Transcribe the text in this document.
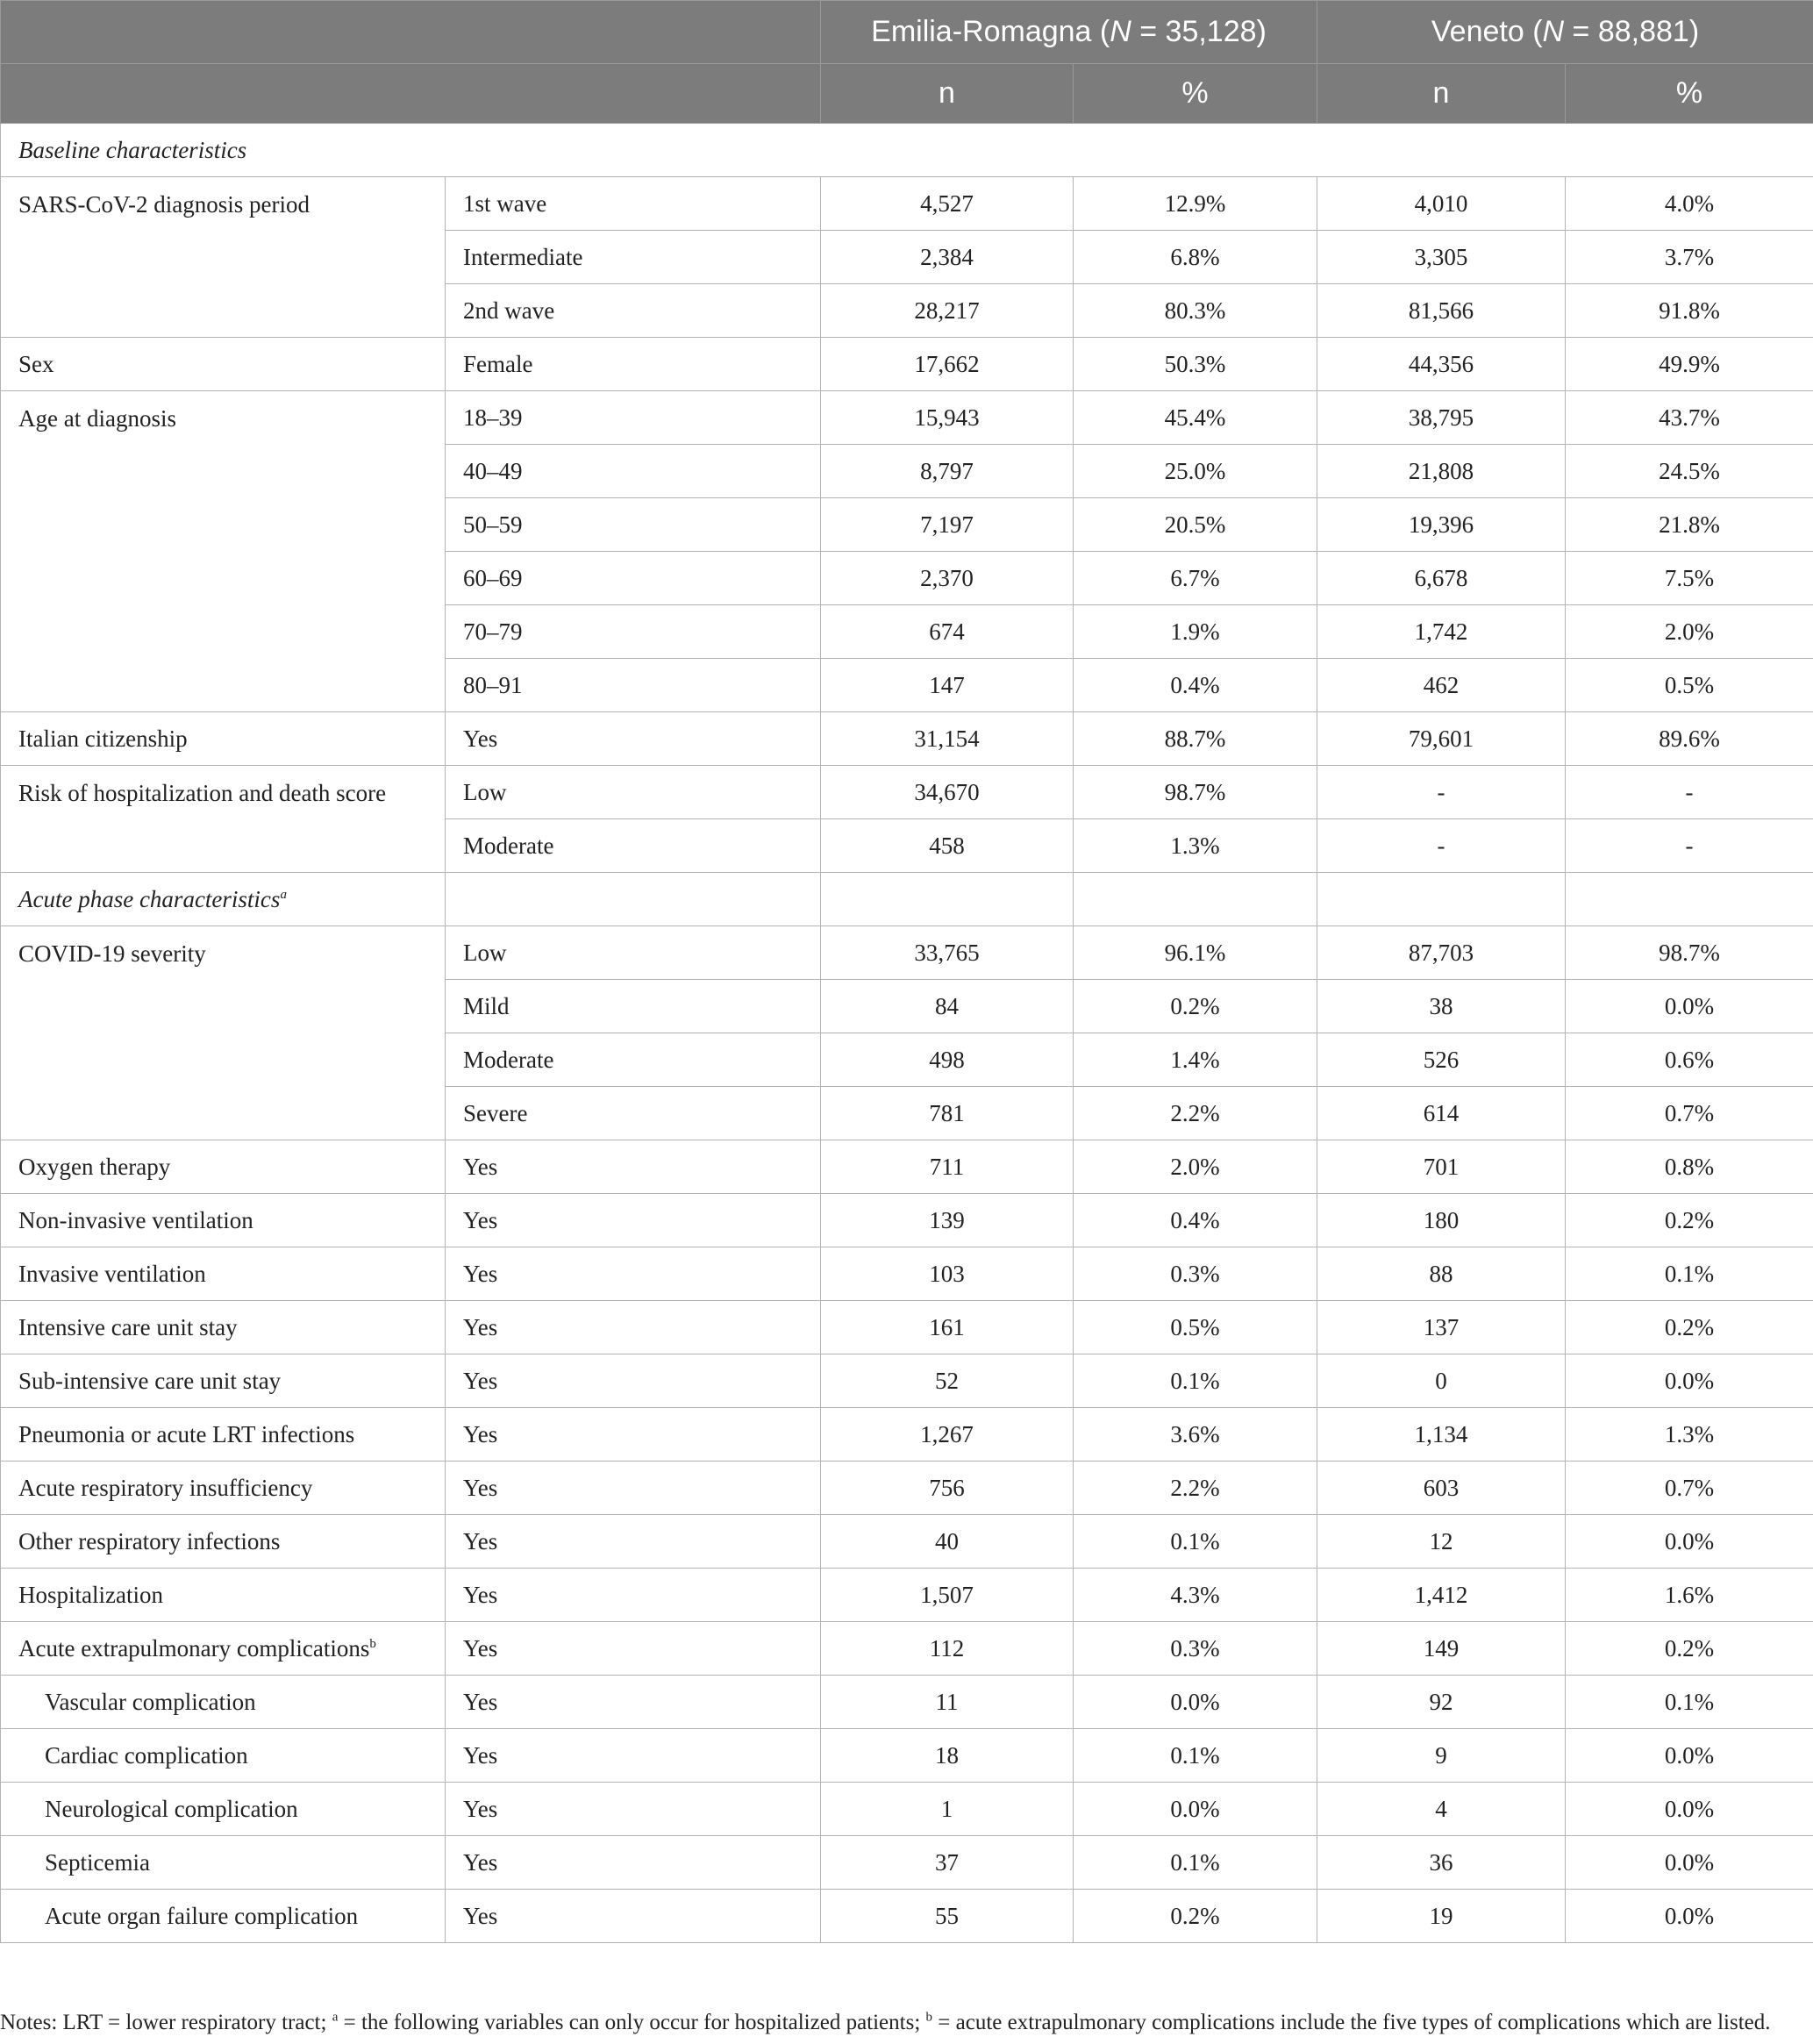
		Emilia-Romagna (N = 35,128)		Veneto (N = 88,881)	
		n	%	n	%
Baseline characteristics					
SARS-CoV-2 diagnosis period	1st wave	4,527	12.9%	4,010	4.0%
	Intermediate	2,384	6.8%	3,305	3.7%
	2nd wave	28,217	80.3%	81,566	91.8%
Sex	Female	17,662	50.3%	44,356	49.9%
Age at diagnosis	18–39	15,943	45.4%	38,795	43.7%
	40–49	8,797	25.0%	21,808	24.5%
	50–59	7,197	20.5%	19,396	21.8%
	60–69	2,370	6.7%	6,678	7.5%
	70–79	674	1.9%	1,742	2.0%
	80–91	147	0.4%	462	0.5%
Italian citizenship	Yes	31,154	88.7%	79,601	89.6%
Risk of hospitalization and death score	Low	34,670	98.7%	-	-
	Moderate	458	1.3%	-	-
Acute phase characteristics$^a$					
COVID-19 severity	Low	33,765	96.1%	87,703	98.7%
	Mild	84	0.2%	38	0.0%
	Moderate	498	1.4%	526	0.6%
	Severe	781	2.2%	614	0.7%
Oxygen therapy	Yes	711	2.0%	701	0.8%
Non-invasive ventilation	Yes	139	0.4%	180	0.2%
Invasive ventilation	Yes	103	0.3%	88	0.1%
Intensive care unit stay	Yes	161	0.5%	137	0.2%
Sub-intensive care unit stay	Yes	52	0.1%	0	0.0%
Pneumonia or acute LRT infections	Yes	1,267	3.6%	1,134	1.3%
Acute respiratory insufficiency	Yes	756	2.2%	603	0.7%
Other respiratory infections	Yes	40	0.1%	12	0.0%
Hospitalization	Yes	1,507	4.3%	1,412	1.6%
Acute extrapulmonary complications$^b$	Yes	112	0.3%	149	0.2%
Vascular complication	Yes	11	0.0%	92	0.1%
Cardiac complication	Yes	18	0.1%	9	0.0%
Neurological complication	Yes	1	0.0%	4	0.0%
Septicemia	Yes	37	0.1%	36	0.0%
Acute organ failure complication	Yes	55	0.2%	19	0.0%
Notes: LRT = lower respiratory tract; $^a$ = the following variables can only occur for hospitalized patients; $^b$ = acute extrapulmonary complications include the five types of complications which are listed.
